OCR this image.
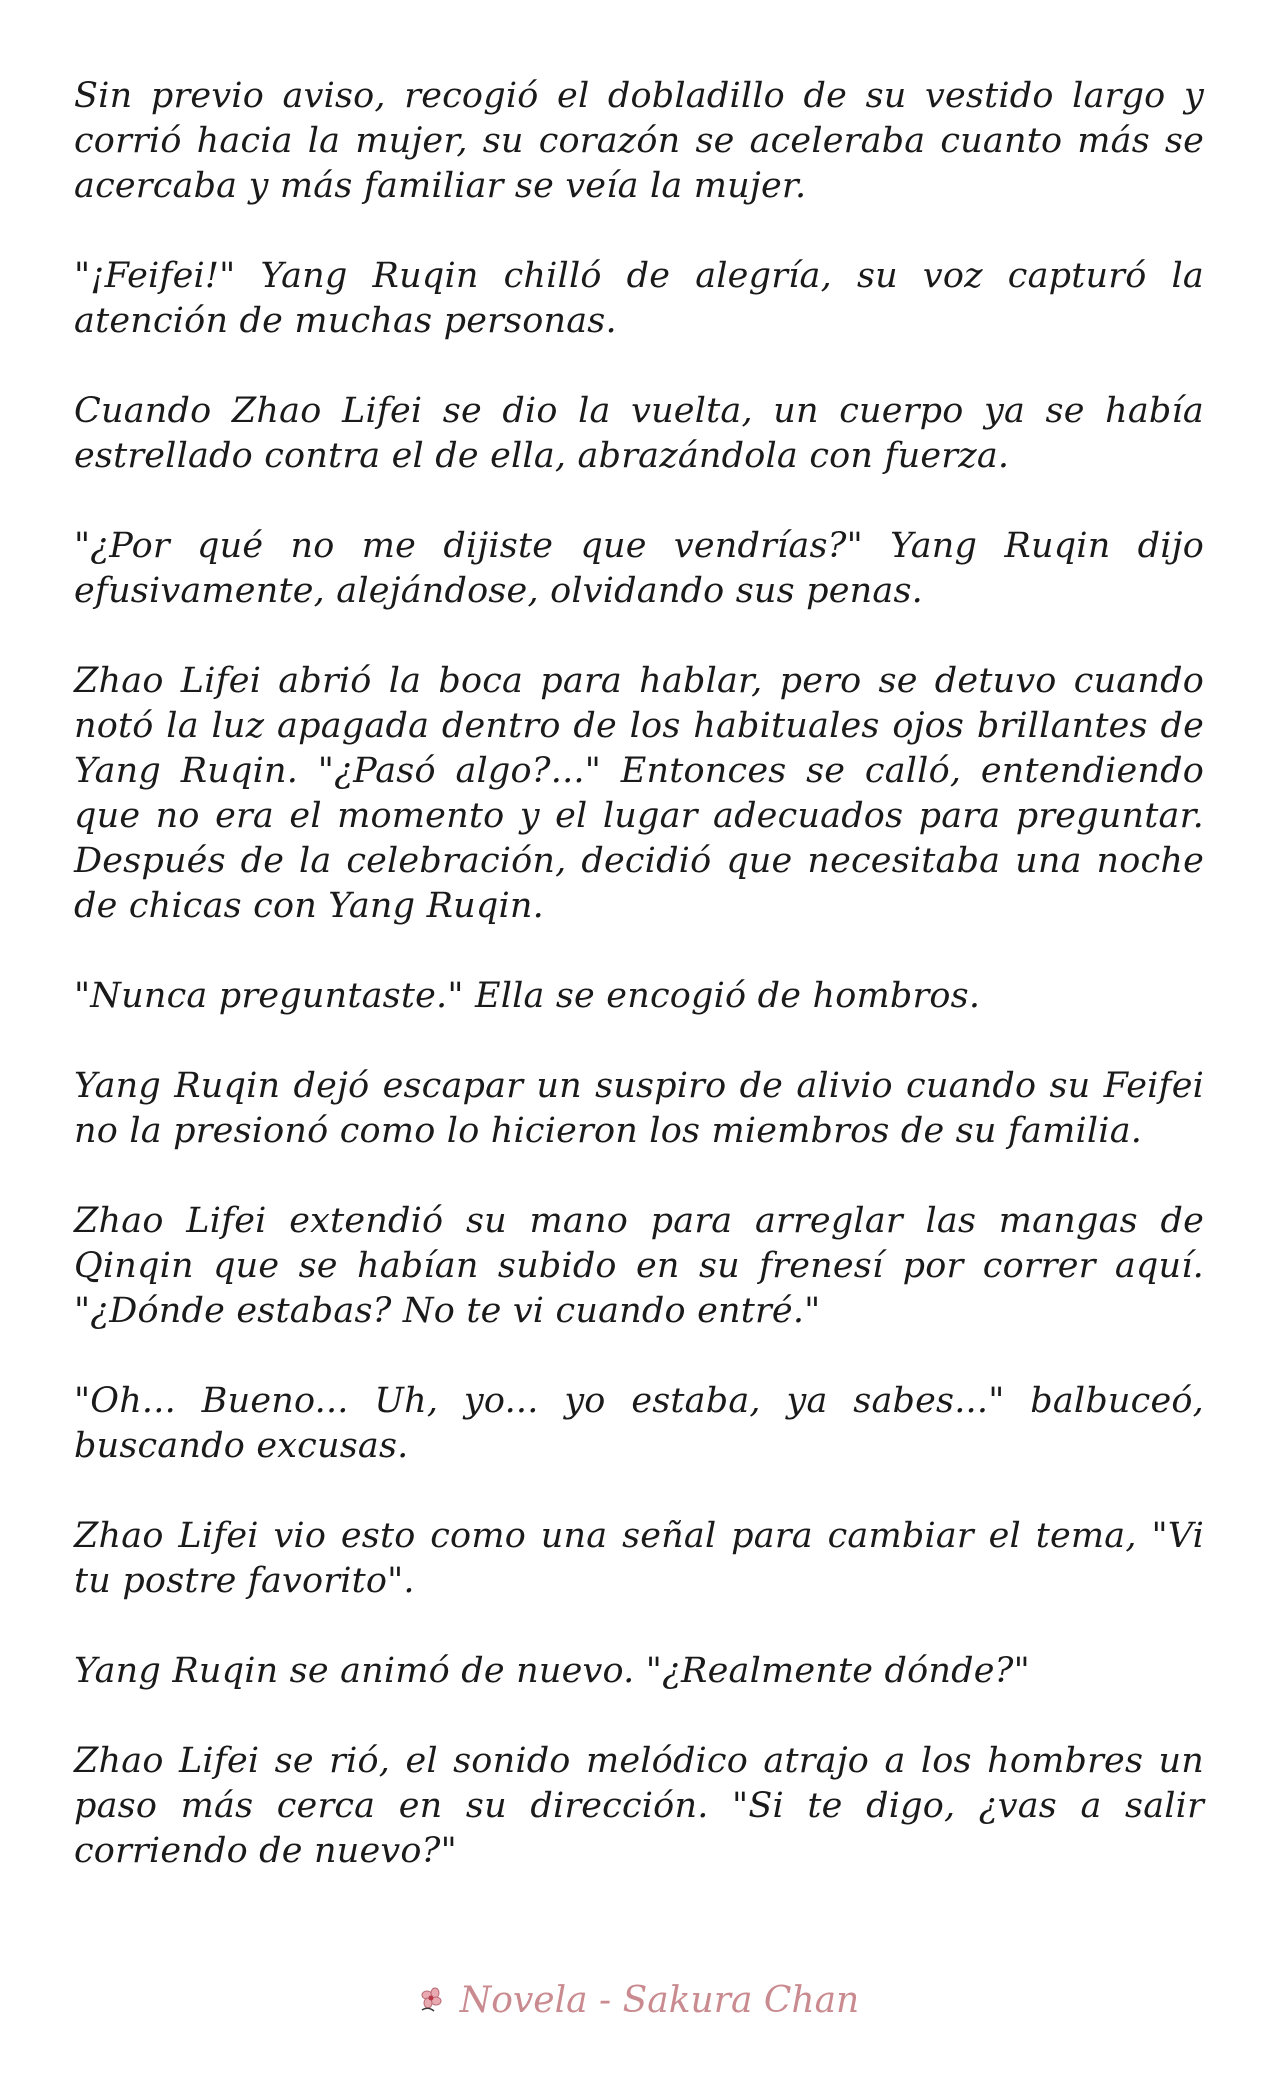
Sin previo aviso, recogió el dobladillo de su vestido largo y corrió hacia la mujer, su corazón se aceleraba cuanto más se acercaba y más familiar se veía la mujer.

"¡Feifei!" Yang Ruqin chilló de alegría, su voz capturó la atención de muchas personas.

Cuando Zhao Lifei se dio la vuelta, un cuerpo ya se había estrellado contra el de ella, abrazándola con fuerza.

"¿Por qué no me dijiste que vendrías?" Yang Ruqin dijo efusivamente, alejándose, olvidando sus penas.

Zhao Lifei abrió la boca para hablar, pero se detuvo cuando notó la luz apagada dentro de los habituales ojos brillantes de Yang Ruqin. "¿Pasó algo?..." Entonces se calló, entendiendo que no era el momento y el lugar adecuados para preguntar. Después de la celebración, decidió que necesitaba una noche de chicas con Yang Ruqin.

"Nunca preguntaste." Ella se encogió de hombros.

Yang Ruqin dejó escapar un suspiro de alivio cuando su Feifei no la presionó como lo hicieron los miembros de su familia.

Zhao Lifei extendió su mano para arreglar las mangas de Qinqin que se habían subido en su frenesí por correr aquí. "¿Dónde estabas? No te vi cuando entré."

"Oh... Bueno... Uh, yo... yo estaba, ya sabes..." balbuceó, buscando excusas.

Zhao Lifei vio esto como una señal para cambiar el tema, "Vi tu postre favorito".

Yang Ruqin se animó de nuevo. "¿Realmente dónde?"

Zhao Lifei se rió, el sonido melódico atrajo a los hombres un paso más cerca en su dirección. "Si te digo, ¿vas a salir corriendo de nuevo?"

Novela - Sakura Chan
